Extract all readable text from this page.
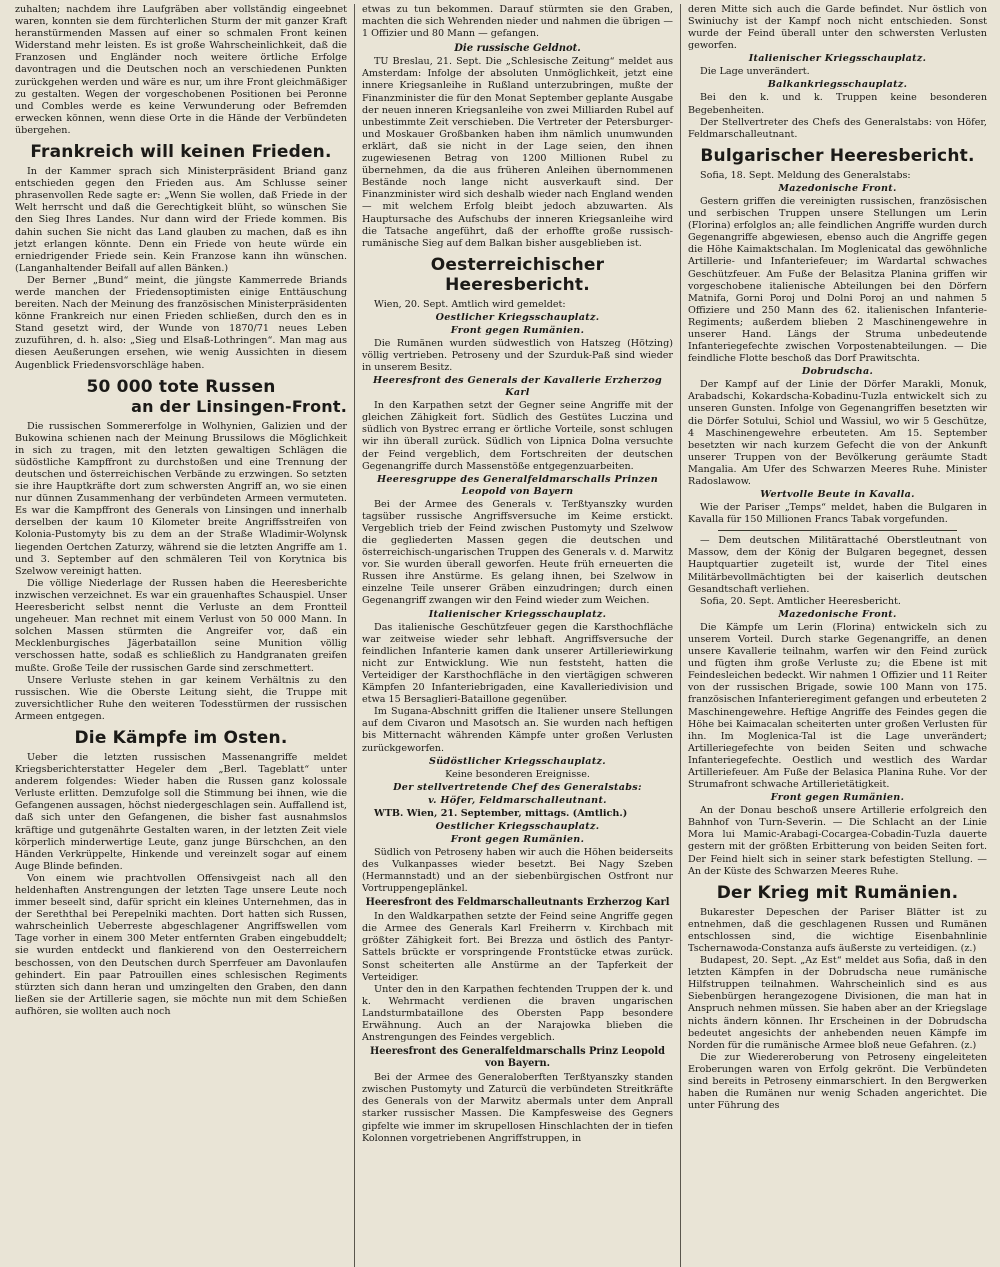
zuhalten; nachdem ihre Laufgräben aber vollständig eingeebnet waren, konnten sie dem fürchterlichen Sturm der mit ganzer Kraft heranstürmenden Massen auf einer so schmalen Front keinen Widerstand mehr leisten. Es ist große Wahrscheinlichkeit, daß die Franzosen und Engländer noch weitere örtliche Erfolge davontragen und die Deutschen noch an verschiedenen Punkten zurückgehen werden und wäre es nur, um ihre Front gleichmäßiger zu gestalten. Wegen der vorgeschobenen Positionen bei Peronne und Combles werde es keine Verwunderung oder Befremden erwecken können, wenn diese Orte in die Hände der Verbündeten übergehen.

Frankreich will keinen Frieden.

In der Kammer sprach sich Ministerpräsident Briand ganz entschieden gegen den Frieden aus. Am Schlusse seiner phrasenvollen Rede sagte er: „Wenn Sie wollen, daß Friede in der Welt herrscht und daß die Gerechtigkeit blüht, so wünschen Sie den Sieg Ihres Landes. Nur dann wird der Friede kommen. Bis dahin suchen Sie nicht das Land glauben zu machen, daß es ihn jetzt erlangen könnte. Denn ein Friede von heute würde ein erniedrigender Friede sein. Kein Franzose kann ihn wünschen. (Langanhaltender Beifall auf allen Bänken.)

Der Berner „Bund“ meint, die jüngste Kammerrede Briands werde manchen der Friedensoptimisten einige Enttäuschung bereiten. Nach der Meinung des französischen Ministerpräsidenten könne Frankreich nur einen Frieden schließen, durch den es in Stand gesetzt wird, der Wunde von 1870/71 neues Leben zuzuführen, d. h. also: „Sieg und Elsaß-Lothringen“. Man mag aus diesen Aeußerungen ersehen, wie wenig Aussichten in diesem Augenblick Friedensvorschläge haben.

50 000 tote Russen
an der Linsingen-Front.

Die russischen Sommererfolge in Wolhynien, Galizien und der Bukowina schienen nach der Meinung Brussilows die Möglichkeit in sich zu tragen, mit den letzten gewaltigen Schlägen die südöstliche Kampffront zu durchstoßen und eine Trennung der deutschen und österreichischen Verbände zu erzwingen. So setzten sie ihre Hauptkräfte dort zum schwersten Angriff an, wo sie einen nur dünnen Zusammenhang der verbündeten Armeen vermuteten. Es war die Kampffront des Generals von Linsingen und innerhalb derselben der kaum 10 Kilometer breite Angriffsstreifen von Kolonia-Pustomyty bis zu dem an der Straße Wladimir-Wolynsk liegenden Oertchen Zaturzy, während sie die letzten Angriffe am 1. und 3. September auf den schmäleren Teil von Korytnica bis Szelwow vereinigt hatten.

Die völlige Niederlage der Russen haben die Heeresberichte inzwischen verzeichnet. Es war ein grauenhaftes Schauspiel. Unser Heeresbericht selbst nennt die Verluste an dem Frontteil ungeheuer. Man rechnet mit einem Verlust von 50 000 Mann. In solchen Massen stürmten die Angreifer vor, daß ein Mecklenburgisches Jägerbataillon seine Munition völlig verschossen hatte, sodaß es schließlich zu Handgranaten greifen mußte. Große Teile der russischen Garde sind zerschmettert.

Unsere Verluste stehen in gar keinem Verhältnis zu den russischen. Wie die Oberste Leitung sieht, die Truppe mit zuversichtlicher Ruhe den weiteren Todesstürmen der russischen Armeen entgegen.

Die Kämpfe im Osten.

Ueber die letzten russischen Massenangriffe meldet Kriegsberichterstatter Hegeler dem „Berl. Tageblatt“ unter anderem folgendes: Wieder haben die Russen ganz kolossale Verluste erlitten. Demzufolge soll die Stimmung bei ihnen, wie die Gefangenen aussagen, höchst niedergeschlagen sein. Auffallend ist, daß sich unter den Gefangenen, die bisher fast ausnahmslos kräftige und gutgenährte Gestalten waren, in der letzten Zeit viele körperlich minderwertige Leute, ganz junge Bürschchen, an den Händen Verkrüppelte, Hinkende und vereinzelt sogar auf einem Auge Blinde befinden.

Von einem wie prachtvollen Offensivgeist nach all den heldenhaften Anstrengungen der letzten Tage unsere Leute noch immer beseelt sind, dafür spricht ein kleines Unternehmen, das in der Sereththal bei Perepelniki machten. Dort hatten sich Russen, wahrscheinlich Ueberreste abgeschlagener Angriffswellen vom Tage vorher in einem 300 Meter entfernten Graben eingebuddelt; sie wurden entdeckt und flankierend von den Oesterreichern beschossen, von den Deutschen durch Sperrfeuer am Davonlaufen gehindert. Ein paar Patrouillen eines schlesischen Regiments stürzten sich dann heran und umzingelten den Graben, den dann ließen sie der Artillerie sagen, sie möchte nun mit dem Schießen aufhören, sie wollten auch noch

etwas zu tun bekommen. Darauf stürmten sie den Graben, machten die sich Wehrenden nieder und nahmen die übrigen — 1 Offizier und 80 Mann — gefangen.

Die russische Geldnot.

TU Breslau, 21. Sept. Die „Schlesische Zeitung“ meldet aus Amsterdam: Infolge der absoluten Unmöglichkeit, jetzt eine innere Kriegsanleihe in Rußland unterzubringen, mußte der Finanzminister die für den Monat September geplante Ausgabe der neuen inneren Kriegsanleihe von zwei Milliarden Rubel auf unbestimmte Zeit verschieben. Die Vertreter der Petersburger- und Moskauer Großbanken haben ihm nämlich unumwunden erklärt, daß sie nicht in der Lage seien, den ihnen zugewiesenen Betrag von 1200 Millionen Rubel zu übernehmen, da die aus früheren Anleihen übernommenen Bestände noch lange nicht ausverkauft sind. Der Finanzminister wird sich deshalb wieder nach England wenden — mit welchem Erfolg bleibt jedoch abzuwarten. Als Hauptursache des Aufschubs der inneren Kriegsanleihe wird die Tatsache angeführt, daß der erhoffte große russisch-rumänische Sieg auf dem Balkan bisher ausgeblieben ist.

Oesterreichischer Heeresbericht.

Wien, 20. Sept. Amtlich wird gemeldet:

Oestlicher Kriegsschauplatz.
Front gegen Rumänien.

Die Rumänen wurden südwestlich von Hatszeg (Hötzing) völlig vertrieben. Petroseny und der Szurduk-Paß sind wieder in unserem Besitz.

Heeresfront des Generals der Kavallerie Erzherzog Karl

In den Karpathen setzt der Gegner seine Angriffe mit der gleichen Zähigkeit fort. Südlich des Gestütes Luczina und südlich von Bystrec errang er örtliche Vorteile, sonst schlugen wir ihn überall zurück. Südlich von Lipnica Dolna versuchte der Feind vergeblich, dem Fortschreiten der deutschen Gegenangriffe durch Massenstöße entgegenzuarbeiten.

Heeresgruppe des Generalfeldmarschalls Prinzen Leopold von Bayern

Bei der Armee des Generals v. Terßtyanszky wurden tagsüber russische Angriffsversuche im Keime erstickt. Vergeblich trieb der Feind zwischen Pustomyty und Szelwow die gegliederten Massen gegen die deutschen und österreichisch-ungarischen Truppen des Generals v. d. Marwitz vor. Sie wurden überall geworfen. Heute früh erneuerten die Russen ihre Anstürme. Es gelang ihnen, bei Szelwow in einzelne Teile unserer Gräben einzudringen; durch einen Gegenangriff zwangen wir den Feind wieder zum Weichen.

Italienischer Kriegsschauplatz.

Das italienische Geschützfeuer gegen die Karsthochfläche war zeitweise wieder sehr lebhaft. Angriffsversuche der feindlichen Infanterie kamen dank unserer Artilleriewirkung nicht zur Entwicklung. Wie nun feststeht, hatten die Verteidiger der Karsthochfläche in den viertägigen schweren Kämpfen 20 Infanteriebrigaden, eine Kavalleriedivision und etwa 15 Bersaglieri-Bataillone gegenüber.

Im Sugana-Abschnitt griffen die Italiener unsere Stellungen auf dem Civaron und Masotsch an. Sie wurden nach heftigen bis Mitternacht währenden Kämpfe unter großen Verlusten zurückgeworfen.

Südöstlicher Kriegsschauplatz.

Keine besonderen Ereignisse.

Der stellvertretende Chef des Generalstabs:
v. Höfer, Feldmarschalleutnant.

WTB. Wien, 21. September, mittags. (Amtlich.)

Oestlicher Kriegsschauplatz.
Front gegen Rumänien.

Südlich von Petroseny haben wir auch die Höhen beiderseits des Vulkanpasses wieder besetzt. Bei Nagy Szeben (Hermannstadt) und an der siebenbürgischen Ostfront nur Vortruppengeplänkel.

Heeresfront des Feldmarschalleutnants Erzherzog Karl

In den Waldkarpathen setzte der Feind seine Angriffe gegen die Armee des Generals Karl Freiherrn v. Kirchbach mit größter Zähigkeit fort. Bei Brezza und östlich des Pantyr-Sattels brückte er vorspringende Frontstücke etwas zurück. Sonst scheiterten alle Anstürme an der Tapferkeit der Verteidiger.

Unter den in den Karpathen fechtenden Truppen der k. und k. Wehrmacht verdienen die braven ungarischen Landsturmbataillone des Obersten Papp besondere Erwähnung. Auch an der Narajowka blieben die Anstrengungen des Feindes vergeblich.

Heeresfront des Generalfeldmarschalls Prinz Leopold von Bayern.

Bei der Armee des Generaloberften Terßtyanszky standen zwischen Pustomyty und Zaturcü die verbündeten Streitkräfte des Generals von der Marwitz abermals unter dem Anprall starker russischer Massen. Die Kampfesweise des Gegners gipfelte wie immer im skrupellosen Hinschlachten der in tiefen Kolonnen vorgetriebenen Angriffstruppen, in

deren Mitte sich auch die Garde befindet. Nur östlich von Swiniuchy ist der Kampf noch nicht entschieden. Sonst wurde der Feind überall unter den schwersten Verlusten geworfen.

Italienischer Kriegsschauplatz.

Die Lage unverändert.

Balkankriegsschauplatz.

Bei den k. und k. Truppen keine besonderen Begebenheiten.

Der Stellvertreter des Chefs des Generalstabs: von Höfer, Feldmarschalleutnant.

Bulgarischer Heeresbericht.

Sofia, 18. Sept. Meldung des Generalstabs:

Mazedonische Front.

Gestern griffen die vereinigten russischen, französischen und serbischen Truppen unsere Stellungen um Lerin (Florina) erfolglos an; alle feindlichen Angriffe wurden durch Gegenangriffe abgewiesen, ebenso auch die Angriffe gegen die Höhe Kaimaktschalan. Im Moglenicatal das gewöhnliche Artillerie- und Infanteriefeuer; im Wardartal schwaches Geschützfeuer. Am Fuße der Belasitza Planina griffen wir vorgeschobene italienische Abteilungen bei den Dörfern Matnifa, Gorni Poroj und Dolni Poroj an und nahmen 5 Offiziere und 250 Mann des 62. italienischen Infanterie-Regiments; außerdem blieben 2 Maschinengewehre in unserer Hand. Längs der Struma unbedeutende Infanteriegefechte zwischen Vorpostenabteilungen. — Die feindliche Flotte beschoß das Dorf Prawitschta.

Dobrudscha.

Der Kampf auf der Linie der Dörfer Marakli, Monuk, Arabadschi, Kokardscha-Kobadinu-Tuzla entwickelt sich zu unseren Gunsten. Infolge von Gegenangriffen besetzten wir die Dörfer Sotului, Schiol und Wassiul, wo wir 5 Geschütze, 4 Maschinengewehre erbeuteten. Am 15. September besetzten wir nach kurzem Gefecht die von der Ankunft unserer Truppen von der Bevölkerung geräumte Stadt Mangalia. Am Ufer des Schwarzen Meeres Ruhe. Minister Radoslawow.

Wertvolle Beute in Kavalla.

Wie der Pariser „Temps“ meldet, haben die Bulgaren in Kavalla für 150 Millionen Francs Tabak vorgefunden.

— Dem deutschen Militärattaché Oberstleutnant von Massow, dem der König der Bulgaren begegnet, dessen Hauptquartier zugeteilt ist, wurde der Titel eines Militärbevollmächtigten bei der kaiserlich deutschen Gesandtschaft verliehen.

Sofia, 20. Sept. Amtlicher Heeresbericht.

Mazedonische Front.

Die Kämpfe um Lerin (Florina) entwickeln sich zu unserem Vorteil. Durch starke Gegenangriffe, an denen unsere Kavallerie teilnahm, warfen wir den Feind zurück und fügten ihm große Verluste zu; die Ebene ist mit Feindesleichen bedeckt. Wir nahmen 1 Offizier und 11 Reiter von der russischen Brigade, sowie 100 Mann von 175. französischen Infanterieregiment gefangen und erbeuteten 2 Maschinengewehre. Heftige Angriffe des Feindes gegen die Höhe bei Kaimacalan scheiterten unter großen Verlusten für ihn. Im Moglenica-Tal ist die Lage unverändert; Artilleriegefechte von beiden Seiten und schwache Infanteriegefechte. Oestlich und westlich des Wardar Artilleriefeuer. Am Fuße der Belasica Planina Ruhe. Vor der Strumafront schwache Artillerietätigkeit.

Front gegen Rumänien.

An der Donau beschoß unsere Artillerie erfolgreich den Bahnhof von Turn-Severin. — Die Schlacht an der Linie Mora lui Mamic-Arabagi-Cocargea-Cobadin-Tuzla dauerte gestern mit der größten Erbitterung von beiden Seiten fort. Der Feind hielt sich in seiner stark befestigten Stellung. — An der Küste des Schwarzen Meeres Ruhe.

Der Krieg mit Rumänien.

Bukarester Depeschen der Pariser Blätter ist zu entnehmen, daß die geschlagenen Russen und Rumänen entschlossen sind, die wichtige Eisenbahnlinie Tschernawoda-Constanza aufs äußerste zu verteidigen. (z.)

Budapest, 20. Sept. „Az Est“ meldet aus Sofia, daß in den letzten Kämpfen in der Dobrudscha neue rumänische Hilfstruppen teilnahmen. Wahrscheinlich sind es aus Siebenbürgen herangezogene Divisionen, die man hat in Anspruch nehmen müssen. Sie haben aber an der Kriegslage nichts ändern können. Ihr Erscheinen in der Dobrudscha bedeutet angesichts der anhebenden neuen Kämpfe im Norden für die rumänische Armee bloß neue Gefahren. (z.)

Die zur Wiedereroberung von Petroseny eingeleiteten Eroberungen waren von Erfolg gekrönt. Die Verbündeten sind bereits in Petroseny einmarschiert. In den Bergwerken haben die Rumänen nur wenig Schaden angerichtet. Die unter Führung des
